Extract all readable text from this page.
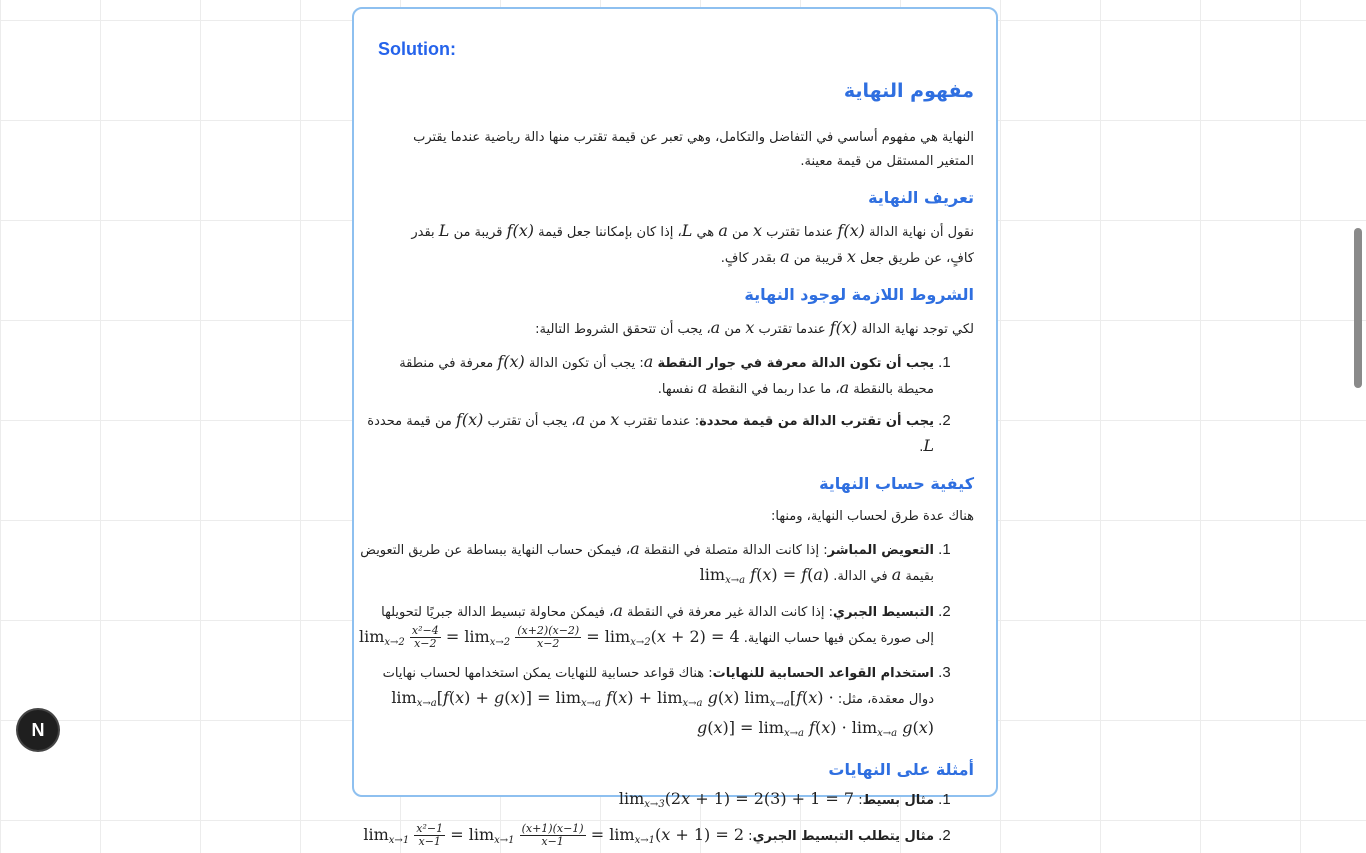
Solution:
مفهوم النهاية
النهاية هي مفهوم أساسي في التفاضل والتكامل، وهي تعبر عن قيمة تقترب منها دالة رياضية عندما يقترب المتغير المستقل من قيمة معينة.
تعريف النهاية
نقول أن نهاية الدالة f(x) عندما تقترب x من a هي L، إذا كان بإمكاننا جعل قيمة f(x) قريبة من L بقدر كافٍ، عن طريق جعل x قريبة من a بقدر كافٍ.
الشروط اللازمة لوجود النهاية
لكي توجد نهاية الدالة f(x) عندما تقترب x من a، يجب أن تتحقق الشروط التالية:
1. يجب أن تكون الدالة معرفة في جوار النقطة a: يجب أن تكون الدالة f(x) معرفة في منطقة محيطة بالنقطة a، ما عدا ربما في النقطة a نفسها.
2. يجب أن تقترب الدالة من قيمة محددة: عندما تقترب x من a، يجب أن تقترب f(x) من قيمة محددة L.
كيفية حساب النهاية
هناك عدة طرق لحساب النهاية، ومنها:
1. التعويض المباشر: إذا كانت الدالة متصلة في النقطة a، فيمكن حساب النهاية ببساطة عن طريق التعويض بقيمة a في الدالة. $\lim_{x\to a} f(x) = f(a)$
2. التبسيط الجبري: إذا كانت الدالة غير معرفة في النقطة a، فيمكن محاولة تبسيط الدالة جبريًا لتحويلها إلى صورة يمكن فيها حساب النهاية. $\lim_{x\to 2} \frac{\text{x²−4}}{x-2} = \lim_{x\to 2} \frac{(x+2)(x-2)}{x-2} = \lim_{x\to 2}(x + 2) = 4$
3. استخدام القواعد الحسابية للنهايات: هناك قواعد حسابية للنهايات يمكن استخدامها لحساب نهايات دوال معقدة، مثل: $\lim_{x\to a}[f(x) + g(x)] = \lim_{x\to a} f(x) + \lim_{x\to a} g(x) \lim_{x\to a}[f(x) \cdot g(x)] = \lim_{x\to a} f(x) \cdot \lim_{x\to a} g(x)$
أمثلة على النهايات
1. مثال بسيط: $\lim_{x\to 3}(2x + 1) = 2(3) + 1 = 7$
2. مثال يتطلب التبسيط الجبري: $\lim_{x\to 1} \frac{\text{x²−1}}{x-1} = \lim_{x\to 1} \frac{(x+1)(x-1)}{x-1} = \lim_{x\to 1}(x + 1) = 2$
N
